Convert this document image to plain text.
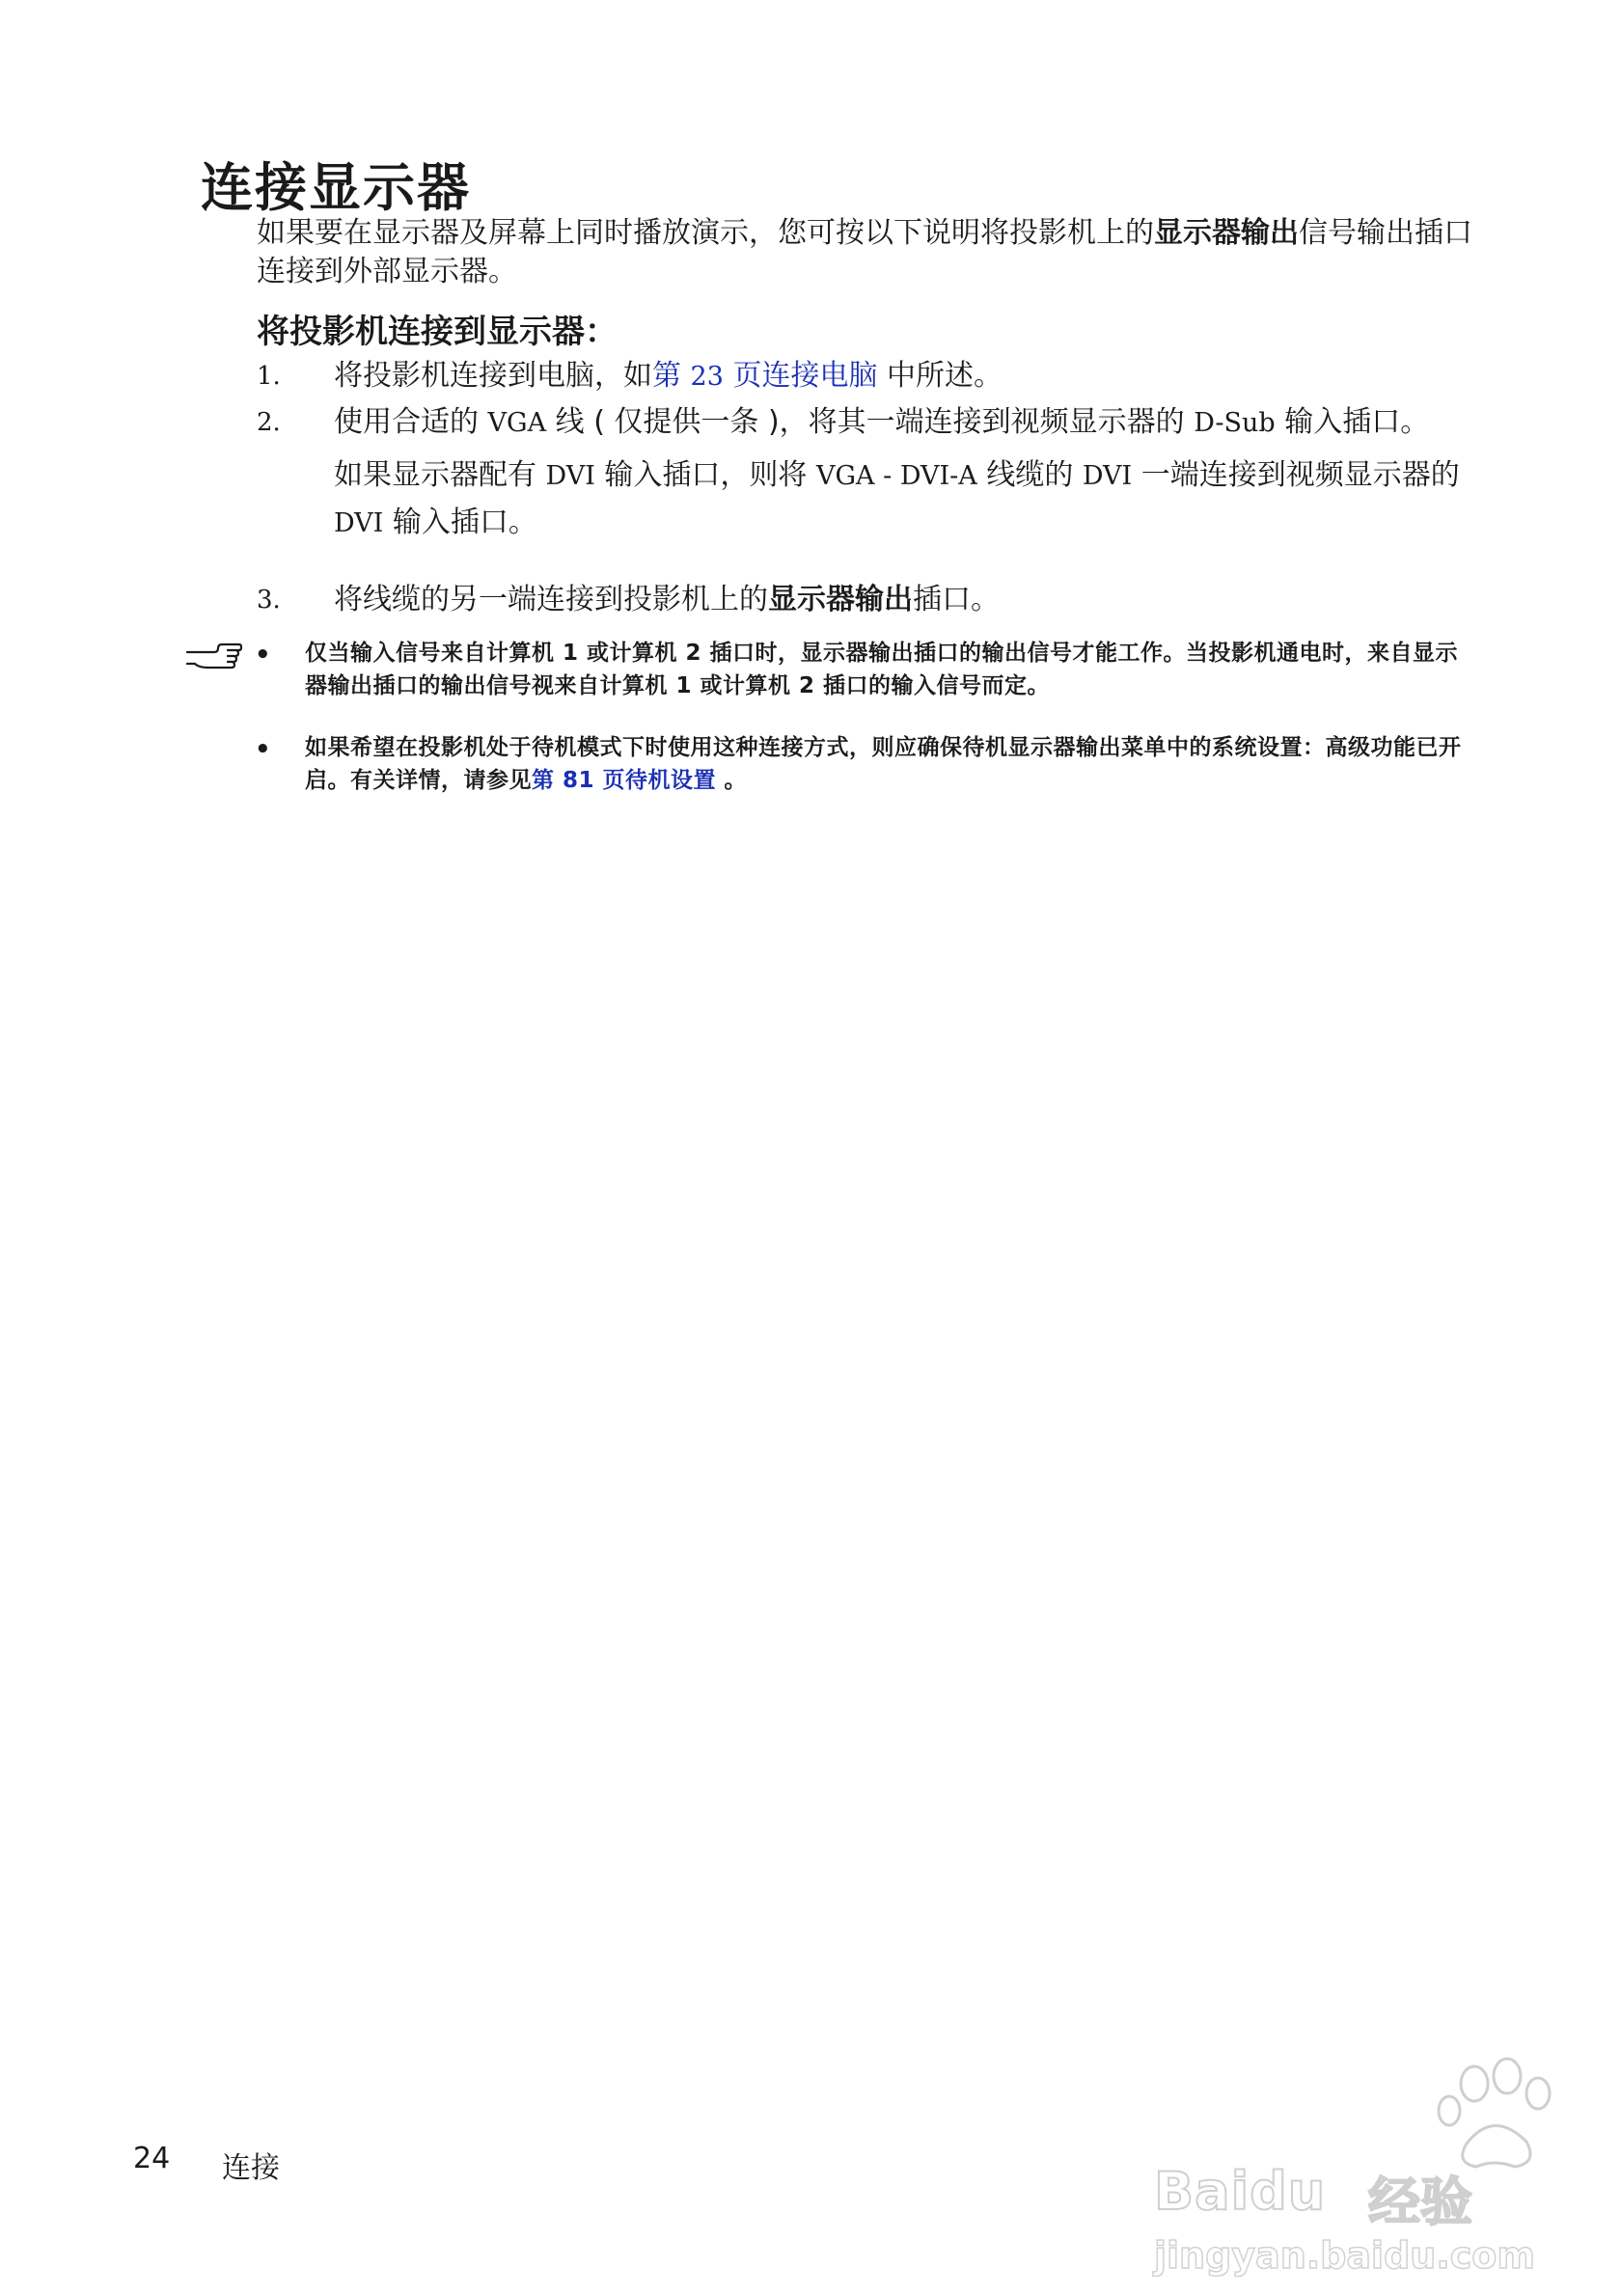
连接显示器
如果要在显示器及屏幕上同时播放演示，您可按以下说明将投影机上的显示器输出信号输出插口连接到外部显示器。
将投影机连接到显示器：
1. 将投影机连接到电脑，如第 23 页连接电脑 中所述。
2. 使用合适的 VGA 线 ( 仅提供一条 )，将其一端连接到视频显示器的 D-Sub 输入插口。
如果显示器配有 DVI 输入插口，则将 VGA - DVI-A 线缆的 DVI 一端连接到视频显示器的 DVI 输入插口。
3. 将线缆的另一端连接到投影机上的显示器输出插口。
• 仅当输入信号来自计算机 1 或计算机 2 插口时，显示器输出插口的输出信号才能工作。当投影机通电时，来自显示器输出插口的输出信号视来自计算机 1 或计算机 2 插口的输入信号而定。
• 如果希望在投影机处于待机模式下时使用这种连接方式，则应确保待机显示器输出菜单中的系统设置：高级功能已开启。有关详情，请参见第 81 页待机设置 。
24 连接	Baidu 经验
jingyan.baidu.com
